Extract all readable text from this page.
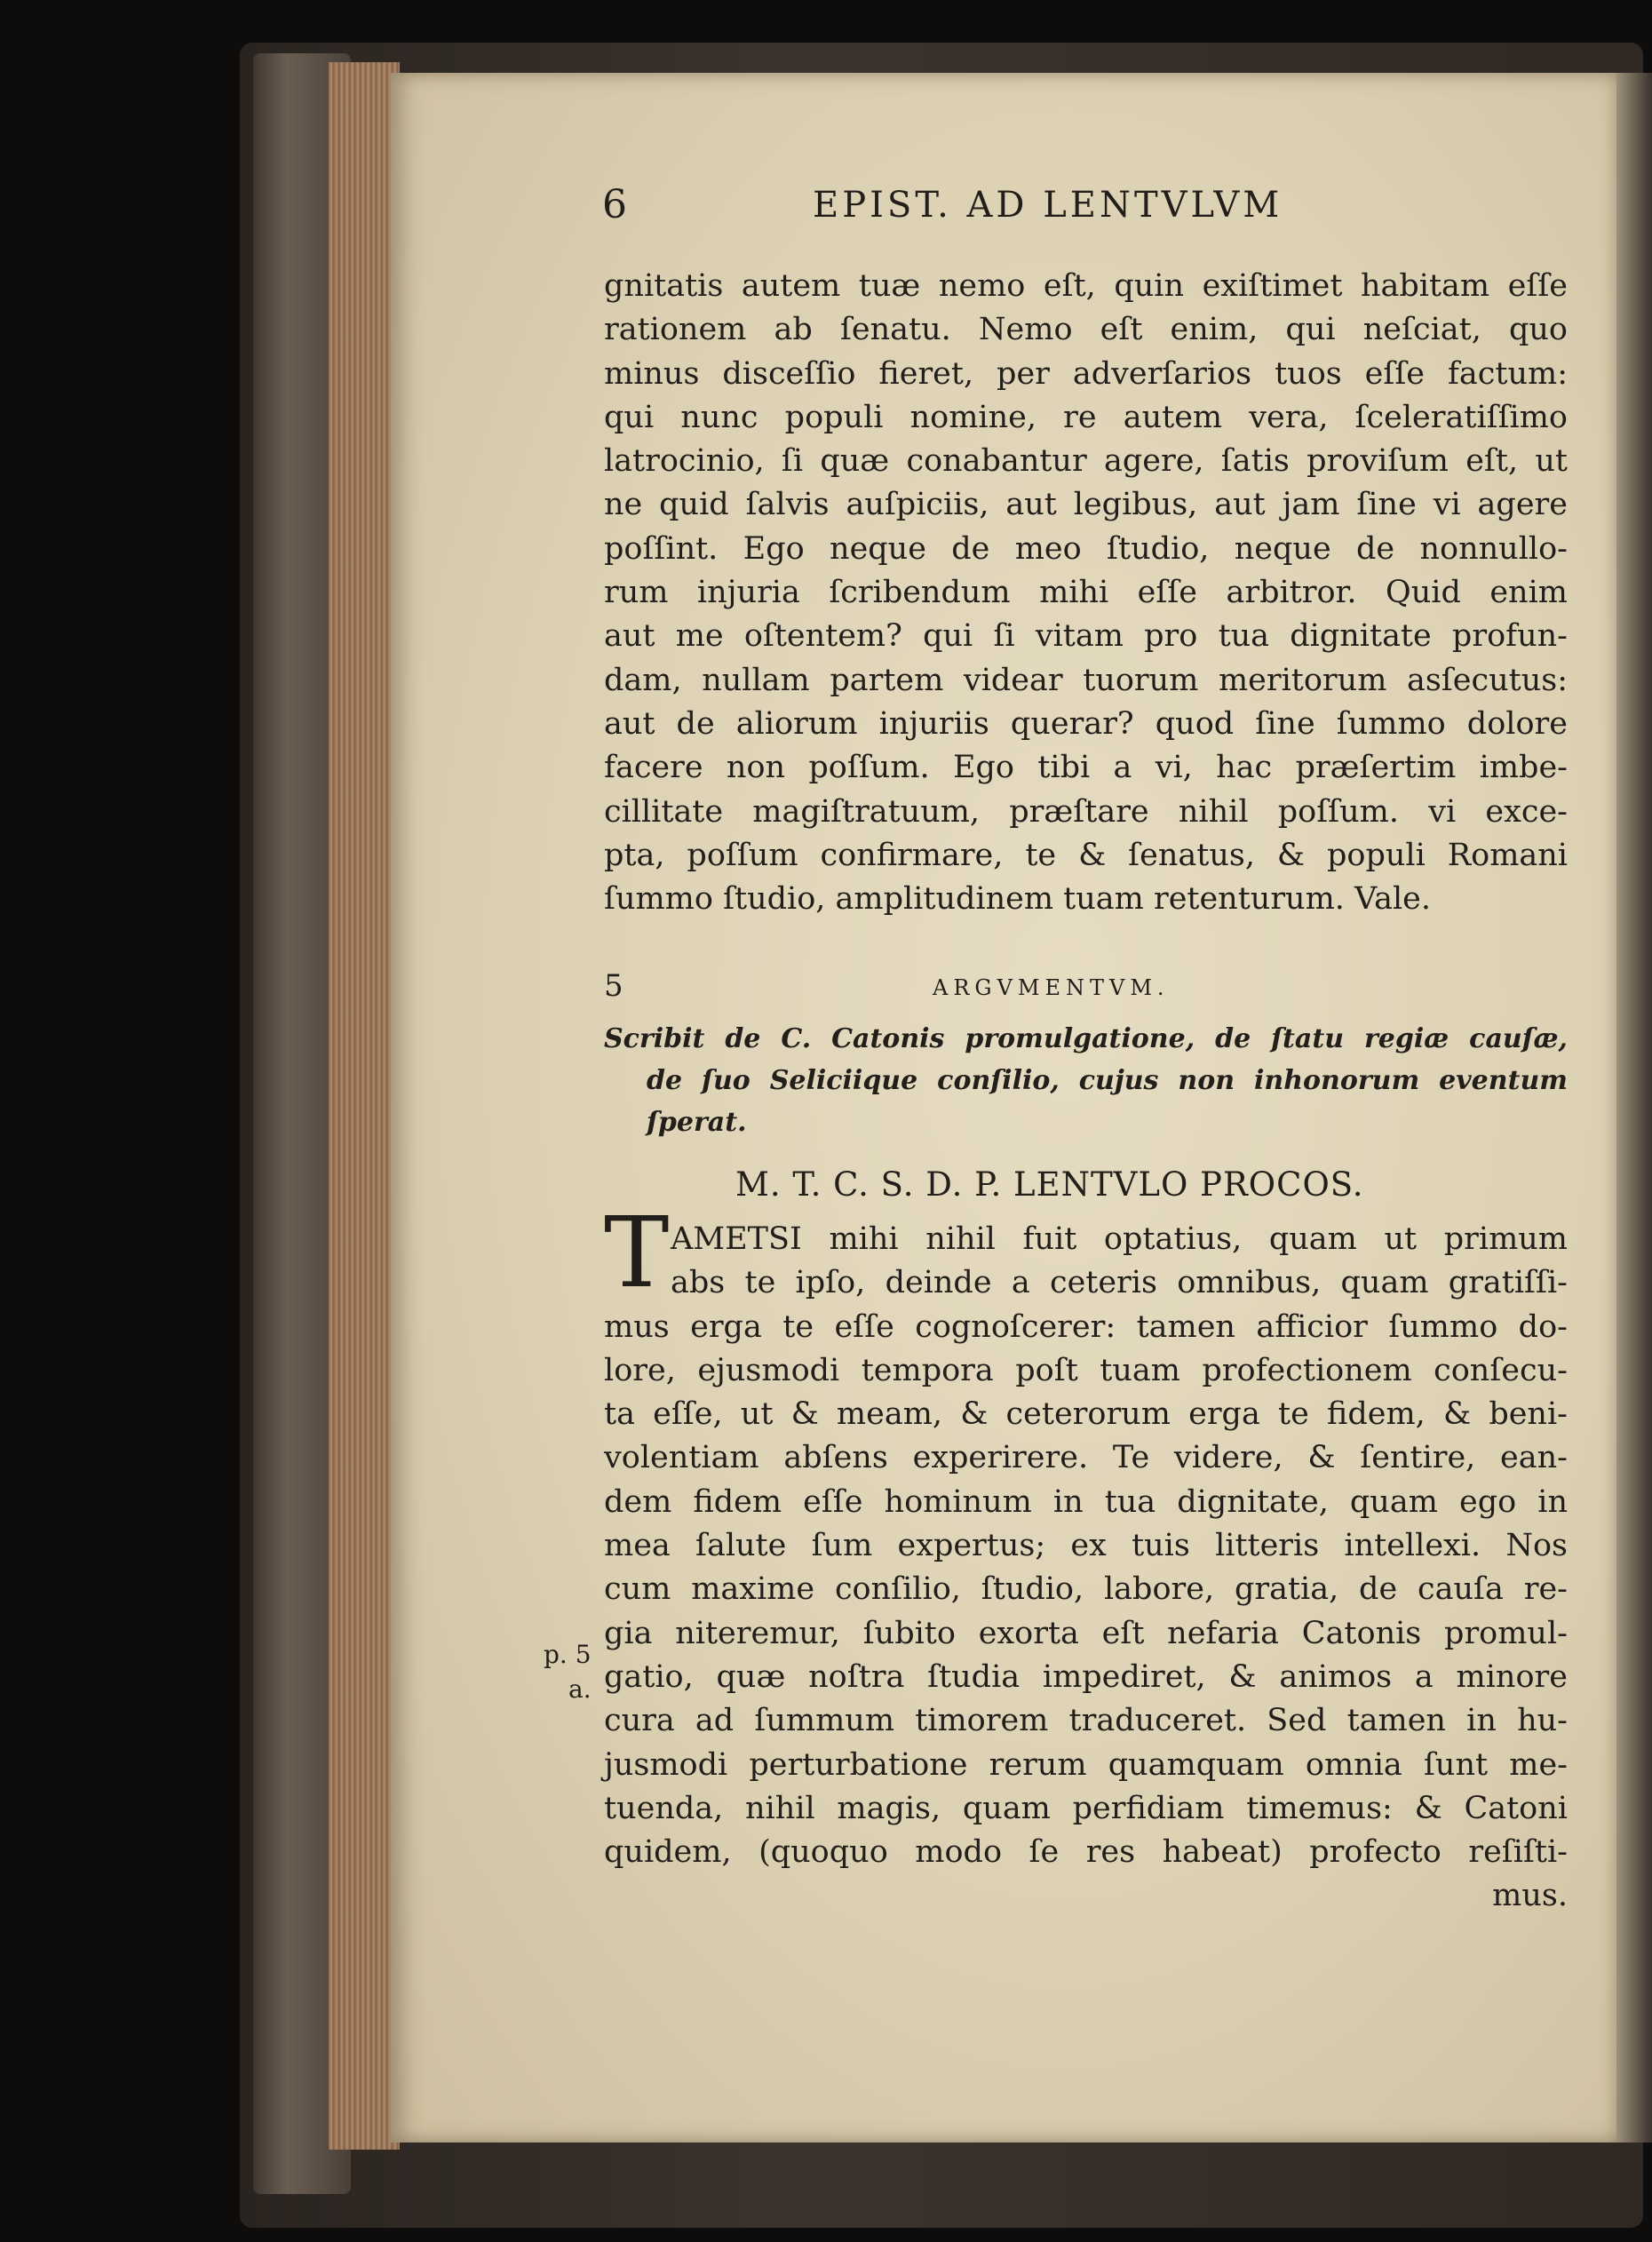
6	EPIST. AD LENTVLVM
gnitatis autem tuæ nemo eſt, quin exiſtimet habitam eſſe
rationem ab ſenatu. Nemo eſt enim, qui neſciat, quo
minus disceſſio fieret, per adverſarios tuos eſſe factum:
qui nunc populi nomine, re autem vera, ſceleratiſſimo
latrocinio, ſi quæ conabantur agere, ſatis proviſum eſt, ut
ne quid ſalvis auſpiciis, aut legibus, aut jam ſine vi agere
poſſint. Ego neque de meo ſtudio, neque de nonnullo-
rum injuria ſcribendum mihi eſſe arbitror. Quid enim
aut me oſtentem? qui ſi vitam pro tua dignitate profun-
dam, nullam partem videar tuorum meritorum asſecutus:
aut de aliorum injuriis querar? quod ſine ſummo dolore
facere non poſſum. Ego tibi a vi, hac præſertim imbe-
cillitate magiſtratuum, præſtare nihil poſſum. vi exce-
pta, poſſum confirmare, te & ſenatus, & populi Romani
ſummo ſtudio, amplitudinem tuam retenturum. Vale.
5	ARGVMENTVM.
Scribit de C. Catonis promulgatione, de ſtatu regiæ cauſæ,
de ſuo Seliciique conſilio, cujus non inhonorum eventum
ſperat.
M. T. C. S. D. P. LENTVLO PROCOS.
T AMETSI mihi nihil fuit optatius, quam ut primum
abs te ipſo, deinde a ceteris omnibus, quam gratiſſi-
mus erga te eſſe cognoſcerer: tamen afficior ſummo do-
lore, ejusmodi tempora poſt tuam profectionem conſecu-
ta eſſe, ut & meam, & ceterorum erga te fidem, & beni-
volentiam abſens experirere. Te videre, & ſentire, ean-
dem fidem eſſe hominum in tua dignitate, quam ego in
mea ſalute ſum expertus; ex tuis litteris intellexi. Nos
cum maxime conſilio, ſtudio, labore, gratia, de cauſa re-
gia niteremur, ſubito exorta eſt nefaria Catonis promul-
gatio, quæ noſtra ſtudia impediret, & animos a minore
cura ad ſummum timorem traduceret. Sed tamen in hu-
jusmodi perturbatione rerum quamquam omnia ſunt me-
tuenda, nihil magis, quam perfidiam timemus: & Catoni
quidem, (quoquo modo ſe res habeat) profecto reſiſti-
mus.
p. 5
a.
